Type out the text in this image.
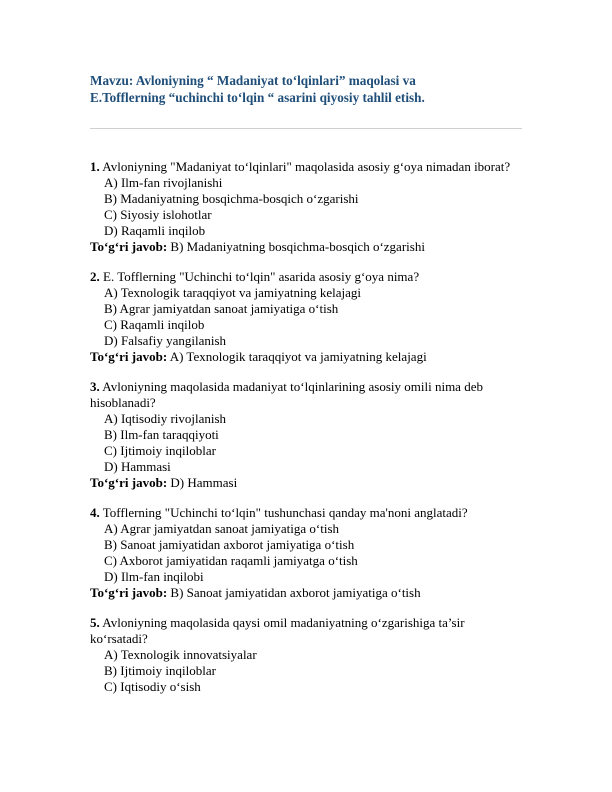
Mavzu: Avloniyning “ Madaniyat to‘lqinlari” maqolasi va
E.Tofflerning “uchinchi to‘lqin “ asarini qiyosiy tahlil etish.

1. Avloniyning "Madaniyat to‘lqinlari" maqolasida asosiy g‘oya nimadan iborat?

A) Ilm-fan rivojlanishi

B) Madaniyatning bosqichma-bosqich o‘zgarishi

C) Siyosiy islohotlar

D) Raqamli inqilob

To‘g‘ri javob: B) Madaniyatning bosqichma-bosqich o‘zgarishi

2. E. Tofflerning "Uchinchi to‘lqin" asarida asosiy g‘oya nima?

A) Texnologik taraqqiyot va jamiyatning kelajagi

B) Agrar jamiyatdan sanoat jamiyatiga o‘tish

C) Raqamli inqilob

D) Falsafiy yangilanish

To‘g‘ri javob: A) Texnologik taraqqiyot va jamiyatning kelajagi

3. Avloniyning maqolasida madaniyat to‘lqinlarining asosiy omili nima deb hisoblanadi?

A) Iqtisodiy rivojlanish

B) Ilm-fan taraqqiyoti

C) Ijtimoiy inqiloblar

D) Hammasi

To‘g‘ri javob: D) Hammasi

4. Tofflerning "Uchinchi to‘lqin" tushunchasi qanday ma'noni anglatadi?

A) Agrar jamiyatdan sanoat jamiyatiga o‘tish

B) Sanoat jamiyatidan axborot jamiyatiga o‘tish

C) Axborot jamiyatidan raqamli jamiyatga o‘tish

D) Ilm-fan inqilobi

To‘g‘ri javob: B) Sanoat jamiyatidan axborot jamiyatiga o‘tish

5. Avloniyning maqolasida qaysi omil madaniyatning o‘zgarishiga ta’sir ko‘rsatadi?

A) Texnologik innovatsiyalar

B) Ijtimoiy inqiloblar

C) Iqtisodiy o‘sish
